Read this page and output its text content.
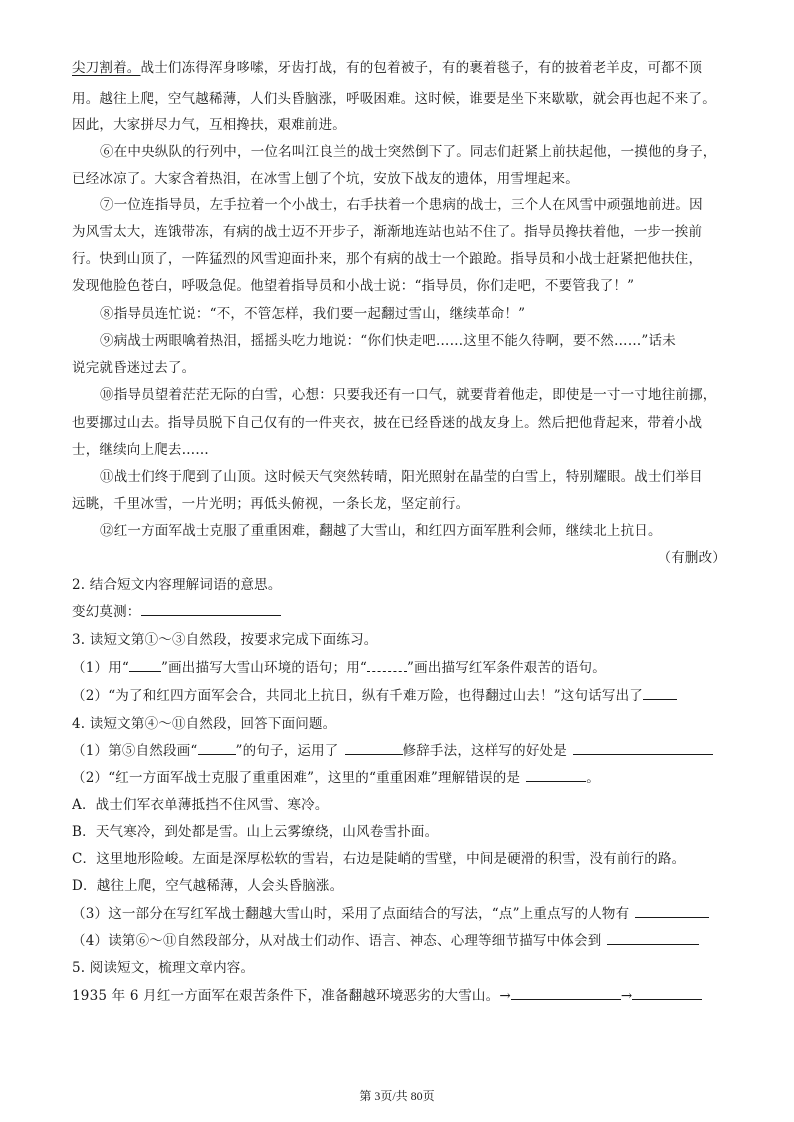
尖刀割着。战士们冻得浑身哆嗦，牙齿打战，有的包着被子，有的裹着毯子，有的披着老羊皮，可都不顶
用。越往上爬，空气越稀薄，人们头昏脑涨，呼吸困难。这时候，谁要是坐下来歇歇，就会再也起不来了。
因此，大家拼尽力气，互相搀扶，艰难前进。
⑥在中央纵队的行列中，一位名叫江良兰的战士突然倒下了。同志们赶紧上前扶起他，一摸他的身子，
已经冰凉了。大家含着热泪，在冰雪上刨了个坑，安放下战友的遗体，用雪埋起来。
⑦一位连指导员，左手拉着一个小战士，右手扶着一个患病的战士，三个人在风雪中顽强地前进。因
为风雪太大，连饿带冻，有病的战士迈不开步子，渐渐地连站也站不住了。指导员搀扶着他，一步一挨前
行。快到山顶了，一阵猛烈的风雪迎面扑来，那个有病的战士一个踉跄。指导员和小战士赶紧把他扶住，
发现他脸色苍白，呼吸急促。他望着指导员和小战士说：“指导员，你们走吧，不要管我了！”
⑧指导员连忙说：“不，不管怎样，我们要一起翻过雪山，继续革命！”
⑨病战士两眼噙着热泪，摇摇头吃力地说：“你们快走吧……这里不能久待啊，要不然……”话未
说完就昏迷过去了。
⑩指导员望着茫茫无际的白雪，心想：只要我还有一口气，就要背着他走，即使是一寸一寸地往前挪，
也要挪过山去。指导员脱下自己仅有的一件夹衣，披在已经昏迷的战友身上。然后把他背起来，带着小战
士，继续向上爬去……
⑪战士们终于爬到了山顶。这时候天气突然转晴，阳光照射在晶莹的白雪上，特别耀眼。战士们举目
远眺，千里冰雪，一片光明；再低头俯视，一条长龙，坚定前行。
⑫红一方面军战士克服了重重困难，翻越了大雪山，和红四方面军胜利会师，继续北上抗日。
（有删改）
2. 结合短文内容理解词语的意思。
变幻莫测：
3. 读短文第①～③自然段，按要求完成下面练习。
（1）用“ ”画出描写大雪山环境的语句；用“	”画出描写红军条件艰苦的语句。
（2）“为了和红四方面军会合，共同北上抗日，纵有千难万险，也得翻过山去！”这句话写出了
4. 读短文第④～⑪自然段，回答下面问题。
（1）第⑤自然段画“	”的句子，运用了	修辞手法，这样写的好处是
（2）“红一方面军战士克服了重重困难”，这里的“重重困难”理解错误的是	。
A．战士们军衣单薄抵挡不住风雪、寒冷。
B．天气寒冷，到处都是雪。山上云雾缭绕，山风卷雪扑面。
C．这里地形险峻。左面是深厚松软的雪岩，右边是陡峭的雪壁，中间是硬滑的积雪，没有前行的路。
D．越往上爬，空气越稀薄，人会头昏脑涨。
（3）这一部分在写红军战士翻越大雪山时，采用了点面结合的写法，“点”上重点写的人物有
（4）读第⑥～⑪自然段部分，从对战士们动作、语言、神态、心理等细节描写中体会到
5. 阅读短文，梳理文章内容。
1935 年 6 月红一方面军在艰苦条件下，准备翻越环境恶劣的大雪山。→	→
第 3页/共 80页
